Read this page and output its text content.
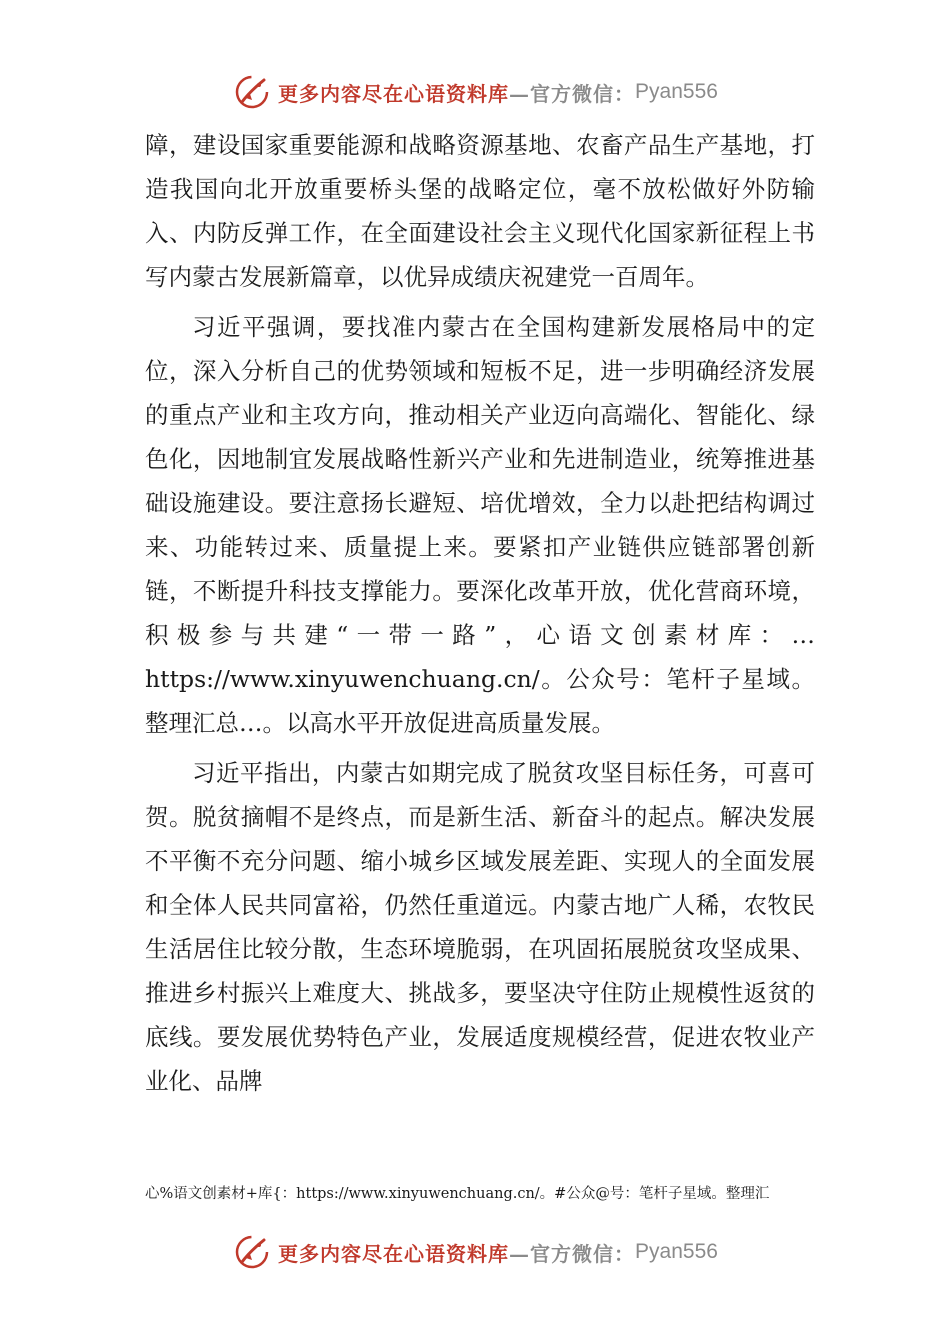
更多内容尽在心语资料库 —官方微信： Pyan556

障，建设国家重要能源和战略资源基地、农畜产品生产基地，打造我国向北开放重要桥头堡的战略定位，毫不放松做好外防输入、内防反弹工作，在全面建设社会主义现代化国家新征程上书写内蒙古发展新篇章，以优异成绩庆祝建党一百周年。

习近平强调，要找准内蒙古在全国构建新发展格局中的定位，深入分析自己的优势领域和短板不足，进一步明确经济发展的重点产业和主攻方向，推动相关产业迈向高端化、智能化、绿色化，因地制宜发展战略性新兴产业和先进制造业，统筹推进基础设施建设。要注意扬长避短、培优增效，全力以赴把结构调过来、功能转过来、质量提上来。要紧扣产业链供应链部署创新链，不断提升科技支撑能力。要深化改革开放，优化营商环境，积极参与共建“一带一路”，心语文创素材库：…https://www.xinyuwenchuang.cn/。公众号：笔杆子星域。整理汇总…。以高水平开放促进高质量发展。

习近平指出，内蒙古如期完成了脱贫攻坚目标任务，可喜可贺。脱贫摘帽不是终点，而是新生活、新奋斗的起点。解决发展不平衡不充分问题、缩小城乡区域发展差距、实现人的全面发展和全体人民共同富裕，仍然任重道远。内蒙古地广人稀，农牧民生活居住比较分散，生态环境脆弱，在巩固拓展脱贫攻坚成果、推进乡村振兴上难度大、挑战多，要坚决守住防止规模性返贫的底线。要发展优势特色产业，发展适度规模经营，促进农牧业产业化、品牌

心%语文创素材+库{：https://www.xinyuwenchuang.cn/。#公众@号：笔杆子星域。整理汇
更多内容尽在心语资料库 —官方微信： Pyan556
